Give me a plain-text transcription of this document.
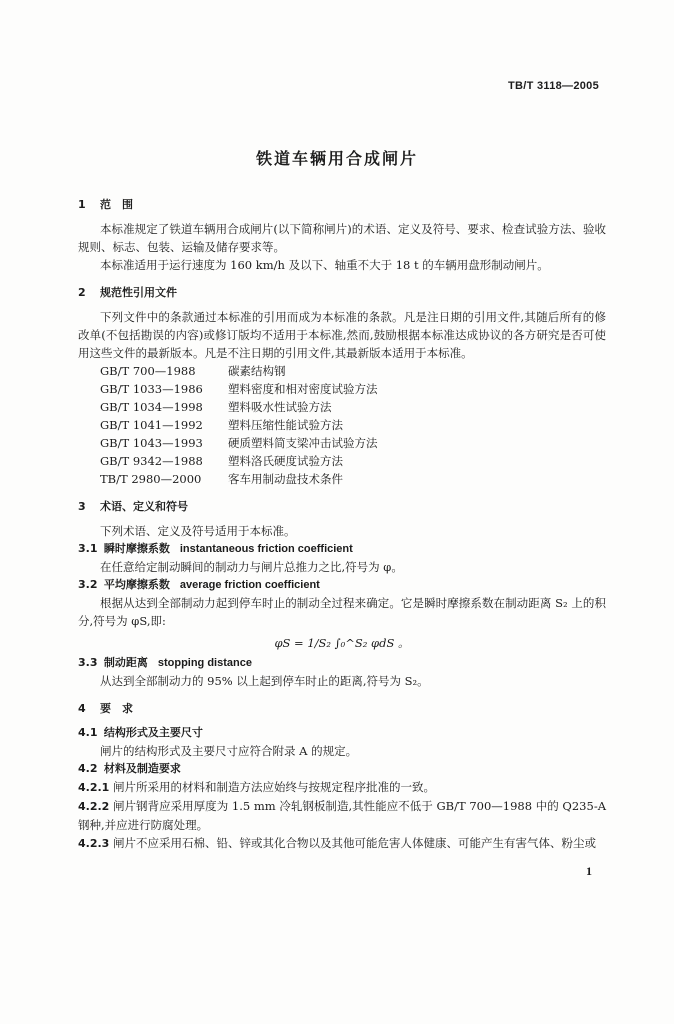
TB/T 3118—2005
铁道车辆用合成闸片
1 范　围

本标准规定了铁道车辆用合成闸片(以下简称闸片)的术语、定义及符号、要求、检查试验方法、验收规则、标志、包装、运输及储存要求等。

本标准适用于运行速度为 160 km/h 及以下、轴重不大于 18 t 的车辆用盘形制动闸片。

2 规范性引用文件

下列文件中的条款通过本标准的引用而成为本标准的条款。凡是注日期的引用文件,其随后所有的修改单(不包括勘误的内容)或修订版均不适用于本标准,然而,鼓励根据本标准达成协议的各方研究是否可使用这些文件的最新版本。凡是不注日期的引用文件,其最新版本适用于本标准。

GB/T 700—1988	碳素结构钢

GB/T 1033—1986 塑料密度和相对密度试验方法

GB/T 1034—1998 塑料吸水性试验方法

GB/T 1041—1992 塑料压缩性能试验方法

GB/T 1043—1993 硬质塑料简支梁冲击试验方法

GB/T 9342—1988 塑料洛氏硬度试验方法

TB/T 2980—2000 客车用制动盘技术条件

3 术语、定义和符号

下列术语、定义及符号适用于本标准。

3.1 瞬时摩擦系数 instantaneous friction coefficient

在任意给定制动瞬间的制动力与闸片总推力之比,符号为 φ。

3.2 平均摩擦系数 average friction coefficient

根据从达到全部制动力起到停车时止的制动全过程来确定。它是瞬时摩擦系数在制动距离 S₂ 上的积分,符号为 φS,即:

φS = 1/S₂ ∫₀^S₂ φdS 。
3.3 制动距离 stopping distance

从达到全部制动力的 95% 以上起到停车时止的距离,符号为 S₂。

4 要　求
4.1 结构形式及主要尺寸

闸片的结构形式及主要尺寸应符合附录 A 的规定。

4.2 材料及制造要求

4.2.1 闸片所采用的材料和制造方法应始终与按规定程序批准的一致。

4.2.2 闸片钢背应采用厚度为 1.5 mm 冷轧钢板制造,其性能应不低于 GB/T 700—1988 中的 Q235-A 钢种,并应进行防腐处理。

4.2.3 闸片不应采用石棉、铅、锌或其化合物以及其他可能危害人体健康、可能产生有害气体、粉尘或

1
